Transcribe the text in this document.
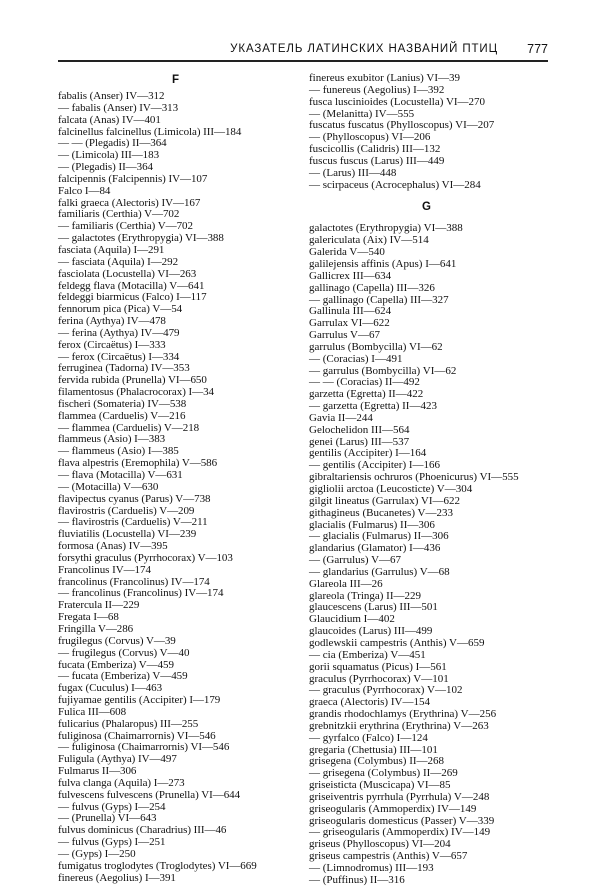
УКАЗАТЕЛЬ ЛАТИНСКИХ НАЗВАНИЙ ПТИЦ 777
F
fabalis (Anser) IV—312
— fabalis (Anser) IV—313
falcata (Anas) IV—401
falcinellus falcinellus (Limicola) III—184
— — (Plegadis) II—364
— (Limicola) III—183
— (Plegadis) II—364
falcipennis (Falcipennis) IV—107
Falco I—84
falki graeca (Alectoris) IV—167
familiaris (Certhia) V—702
— familiaris (Certhia) V—702
— galactotes (Erythropygia) VI—388
fasciata (Aquila) I—291
— fasciata (Aquila) I—292
fasciolata (Locustella) VI—263
feldegg flava (Motacilla) V—641
feldeggi biarmicus (Falco) I—117
fennorum pica (Pica) V—54
ferina (Aythya) IV—478
— ferina (Aythya) IV—479
ferox (Circaëtus) I—333
— ferox (Circaëtus) I—334
ferruginea (Tadorna) IV—353
fervida rubida (Prunella) VI—650
filamentosus (Phalacrocorax) I—34
fischeri (Somateria) IV—538
flammea (Carduelis) V—216
— flammea (Carduelis) V—218
flammeus (Asio) I—383
— flammeus (Asio) I—385
flava alpestris (Eremophila) V—586
— flava (Motacilla) V—631
— (Motacilla) V—630
flavipectus cyanus (Parus) V—738
flavirostris (Carduelis) V—209
— flavirostris (Carduelis) V—211
fluviatilis (Locustella) VI—239
formosa (Anas) IV—395
forsythi graculus (Pyrrhocorax) V—103
Francolinus IV—174
francolinus (Francolinus) IV—174
— francolinus (Francolinus) IV—174
Fratercula II—229
Fregata I—68
Fringilla V—286
frugilegus (Corvus) V—39
— frugilegus (Corvus) V—40
fucata (Emberiza) V—459
— fucata (Emberiza) V—459
fugax (Cuculus) I—463
fujiyamae gentilis (Accipiter) I—179
Fulica III—608
fulicarius (Phalaropus) III—255
fuliginosa (Chaimarrornis) VI—546
— fuliginosa (Chaimarrornis) VI—546
Fuligula (Aythya) IV—497
Fulmarus II—306
fulva clanga (Aquila) I—273
fulvescens fulvescens (Prunella) VI—644
— fulvus (Gyps) I—254
— (Prunella) VI—643
fulvus dominicus (Charadrius) III—46
— fulvus (Gyps) I—251
— (Gyps) I—250
fumigatus troglodytes (Troglodytes) VI—669
finereus (Aegolius) I—391
finereus exubitor (Lanius) VI—39
— funereus (Aegolius) I—392
fusca luscinioides (Locustella) VI—270
— (Melanitta) IV—555
fuscatus fuscatus (Phylloscopus) VI—207
— (Phylloscopus) VI—206
fuscicollis (Calidris) III—132
fuscus fuscus (Larus) III—449
— (Larus) III—448
— scirpaceus (Acrocephalus) VI—284
G
galactotes (Erythropygia) VI—388
galericulata (Aix) IV—514
Galerida V—540
galilejensis affinis (Apus) I—641
Gallicrex III—634
gallinago (Capella) III—326
— gallinago (Capella) III—327
Gallinula III—624
Garrulax VI—622
Garrulus V—67
garrulus (Bombycilla) VI—62
— (Coracias) I—491
— garrulus (Bombycilla) VI—62
— — (Coracias) II—492
garzetta (Egretta) II—422
— garzetta (Egretta) II—423
Gavia II—244
Gelochelidon III—564
genei (Larus) III—537
gentilis (Accipiter) I—164
— gentilis (Accipiter) I—166
gibraltariensis ochruros (Phoenicurus) VI—555
gigliolii arctoa (Leucosticte) V—304
gilgit lineatus (Garrulax) VI—622
githagineus (Bucanetes) V—233
glacialis (Fulmarus) II—306
— glacialis (Fulmarus) II—306
glandarius (Glamator) I—436
— (Garrulus) V—67
— glandarius (Garrulus) V—68
Glareola III—26
glareola (Tringa) II—229
glaucescens (Larus) III—501
Glaucidium I—402
glaucoides (Larus) III—499
godlewskii campestris (Anthis) V—659
— cia (Emberiza) V—451
gorii squamatus (Picus) I—561
graculus (Pyrrhocorax) V—101
— graculus (Pyrrhocorax) V—102
graeca (Alectoris) IV—154
grandis rhodochlamys (Erythrina) V—256
grebnitzkii erythrina (Erythrina) V—263
— gyrfalco (Falco) I—124
gregaria (Chettusia) III—101
grisegena (Colymbus) II—268
— grisegena (Colymbus) II—269
griseisticta (Muscicapa) VI—85
griseiventris pyrrhula (Pyrrhula) V—248
griseogularis (Ammoperdix) IV—149
griseogularis domesticus (Passer) V—339
— griseogularis (Ammoperdix) IV—149
griseus (Phylloscopus) VI—204
griseus campestris (Anthis) V—657
— (Limnodromus) III—193
— (Puffinus) II—316
